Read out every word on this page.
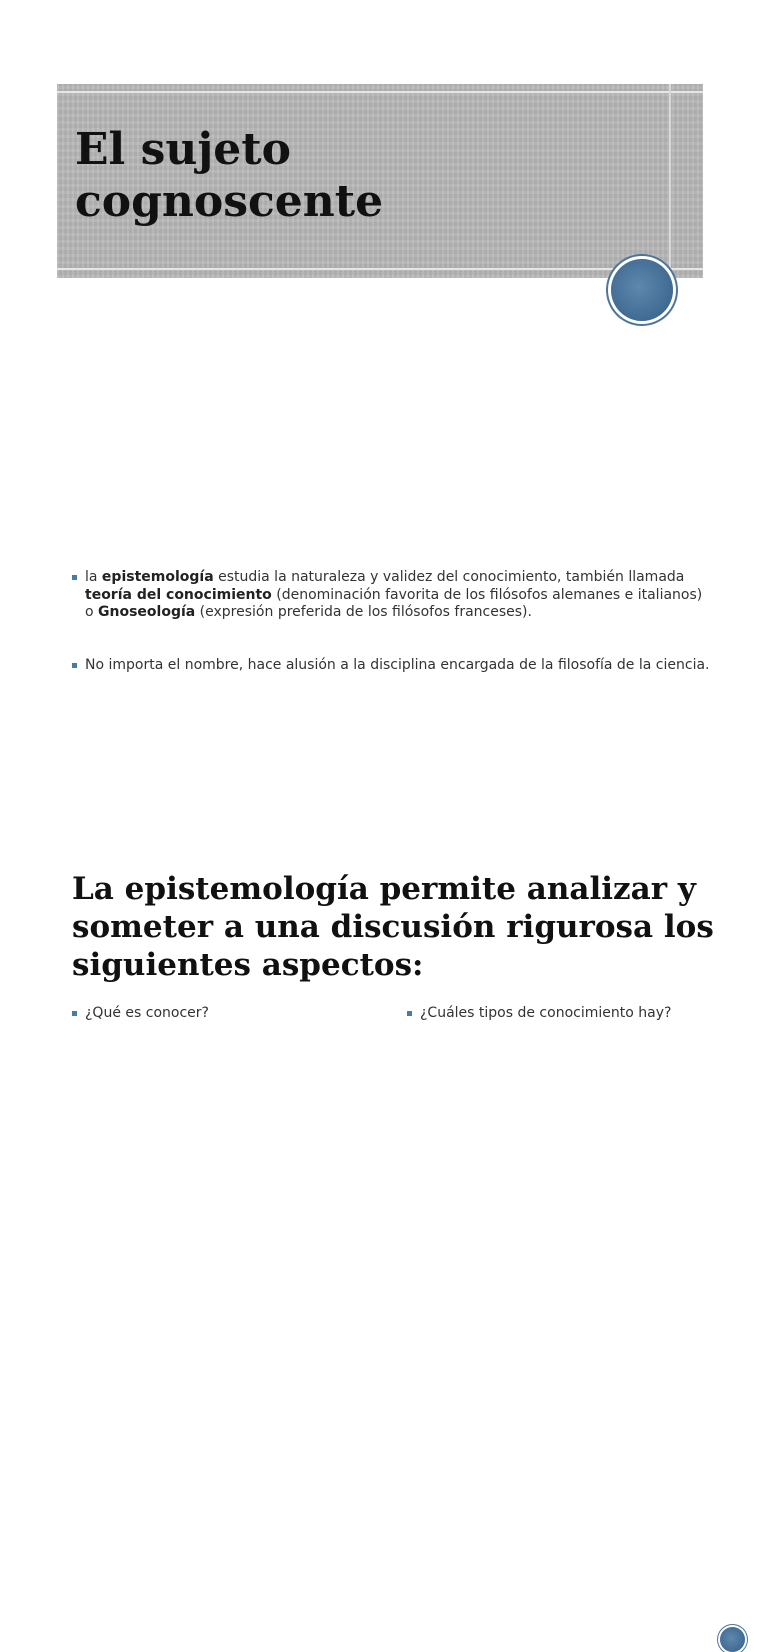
El sujeto
cognoscente
la epistemología estudia la naturaleza y validez del conocimiento, también llamada teoría del conocimiento (denominación favorita de los filósofos alemanes e italianos) o Gnoseología (expresión preferida de los filósofos franceses).
No importa el nombre, hace alusión a la disciplina encargada de la filosofía de la ciencia.
La epistemología permite analizar y someter a una discusión rigurosa los siguientes aspectos:
¿Qué es conocer?	¿Cuáles tipos de conocimiento hay?
